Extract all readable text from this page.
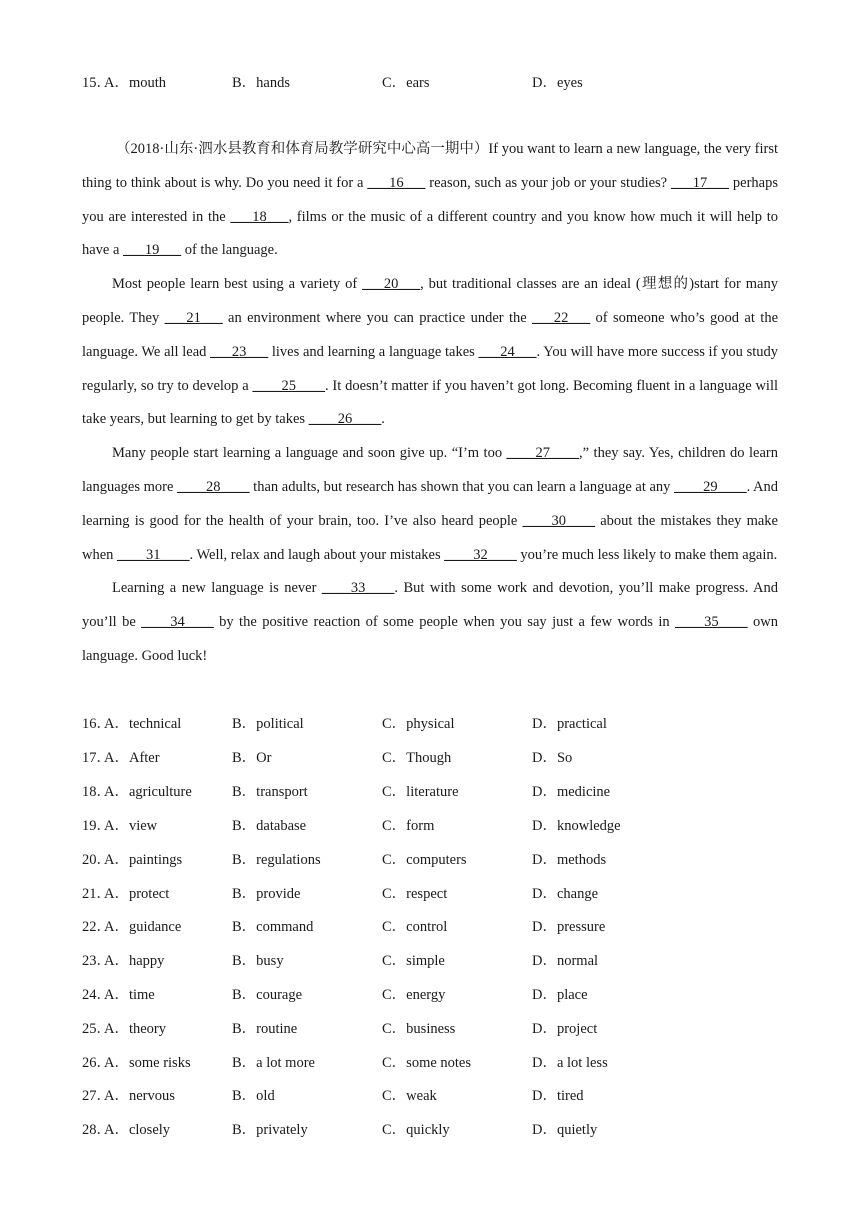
15．
A．mouth	B．hands	C．ears	D．eyes

（2018·山东·泗水县教育和体育局教学研究中心高一期中）If you want to learn a new language, the very first thing to think about is why. Do you need it for a ___16___ reason, such as your job or your studies? ___17___ perhaps you are interested in the ___18___, films or the music of a different country and you know how much it will help to have a ___19___ of the language.

Most people learn best using a variety of ___20___, but traditional classes are an ideal (理想的)start for many people. They ___21___ an environment where you can practice under the ___22___ of someone who’s good at the language. We all lead ___23___ lives and learning a language takes ___24___. You will have more success if you study regularly, so try to develop a ____25____. It doesn’t matter if you haven’t got long. Becoming fluent in a language will take years, but learning to get by takes ____26____.

Many people start learning a language and soon give up. “I’m too ____27____,” they say. Yes, children do learn languages more ____28____ than adults, but research has shown that you can learn a language at any ____29____. And learning is good for the health of your brain, too. I’ve also heard people ____30____ about the mistakes they make when ____31____. Well, relax and laugh about your mistakes ____32____ you’re much less likely to make them again.

Learning a new language is never ____33____. But with some work and devotion, you’ll make progress. And you’ll be ____34____ by the positive reaction of some people when you say just a few words in ____35____ own language. Good luck!

16．
A．technical	B．political	C．physical	D．practical
17．
A．After	B．Or	C．Though	D．So
18．
A．agriculture	B．transport	C．literature	D．medicine
19．
A．view	B．database	C．form	D．knowledge
20．
A．paintings	B．regulations	C．computers	D．methods
21．
A．protect	B．provide	C．respect	D．change
22．
A．guidance	B．command	C．control	D．pressure
23．
A．happy	B．busy	C．simple	D．normal
24．
A．time	B．courage	C．energy	D．place
25．
A．theory	B．routine	C．business	D．project
26．
A．some risks	B．a lot more	C．some notes	D．a lot less
27．
A．nervous	B．old	C．weak	D．tired
28．
A．closely	B．privately	C．quickly	D．quietly
